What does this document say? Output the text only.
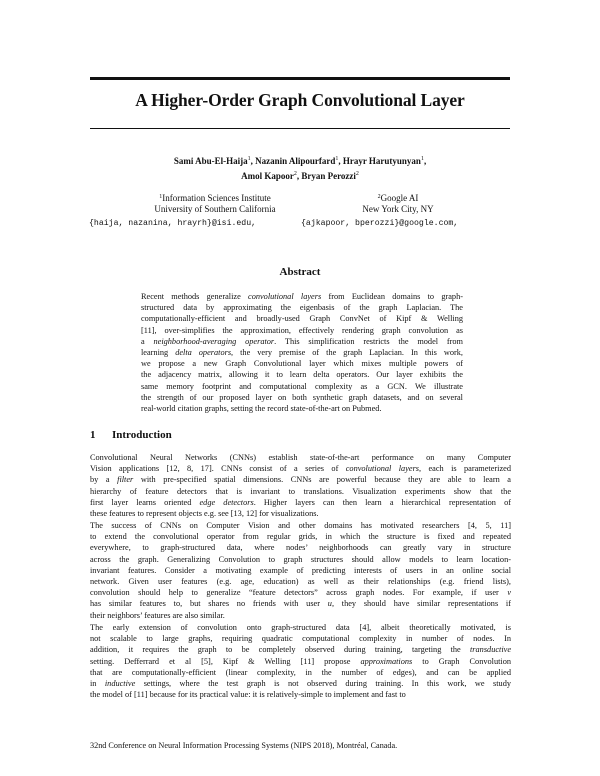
A Higher-Order Graph Convolutional Layer
Sami Abu-El-Haija$^1$, Nazanin Alipourfard$^1$, Hrayr Harutyunyan$^1$,
Amol Kapoor$^2$, Bryan Perozzi$^2$
$^1$Information Sciences Institute
University of Southern California
$^2$Google AI
New York City, NY
{haija, nazanina, hrayrh}@isi.edu,	{ajkapoor, bperozzi}@google.com,
Abstract
Recent methods generalize convolutional layers from Euclidean domains to graph-
structured data by approximating the eigenbasis of the graph Laplacian. The
computationally-efficient and broadly-used Graph ConvNet of Kipf & Welling
[11], over-simplifies the approximation, effectively rendering graph convolution as
a neighborhood-averaging operator. This simplification restricts the model from
learning delta operators, the very premise of the graph Laplacian. In this work,
we propose a new Graph Convolutional layer which mixes multiple powers of
the adjacency matrix, allowing it to learn delta operators. Our layer exhibits the
same memory footprint and computational complexity as a GCN. We illustrate
the strength of our proposed layer on both synthetic graph datasets, and on several
real-world citation graphs, setting the record state-of-the-art on Pubmed.
1 Introduction
Convolutional Neural Networks (CNNs) establish state-of-the-art performance on many Computer
Vision applications [12, 8, 17]. CNNs consist of a series of convolutional layers, each is parameterized
by a filter with pre-specified spatial dimensions. CNNs are powerful because they are able to learn a
hierarchy of feature detectors that is invariant to translations. Visualization experiments show that the
first layer learns oriented edge detectors. Higher layers can then learn a hierarchical representation of
these features to represent objects e.g. see [13, 12] for visualizations.
The success of CNNs on Computer Vision and other domains has motivated researchers [4, 5, 11]
to extend the convolutional operator from regular grids, in which the structure is fixed and repeated
everywhere, to graph-structured data, where nodes’ neighborhoods can greatly vary in structure
across the graph. Generalizing Convolution to graph structures should allow models to learn location-
invariant features. Consider a motivating example of predicting interests of users in an online social
network. Given user features (e.g. age, education) as well as their relationships (e.g. friend lists),
convolution should help to generalize “feature detectors” across graph nodes. For example, if user v
has similar features to, but shares no friends with user u, they should have similar representations if
their neighbors’ features are also similar.
The early extension of convolution onto graph-structured data [4], albeit theoretically motivated, is
not scalable to large graphs, requiring quadratic computational complexity in number of nodes. In
addition, it requires the graph to be completely observed during training, targeting the transductive
setting. Defferrard et al [5], Kipf & Welling [11] propose approximations to Graph Convolution
that are computationally-efficient (linear complexity, in the number of edges), and can be applied
in inductive settings, where the test graph is not observed during training. In this work, we study
the model of [11] because for its practical value: it is relatively-simple to implement and fast to
32nd Conference on Neural Information Processing Systems (NIPS 2018), Montréal, Canada.
